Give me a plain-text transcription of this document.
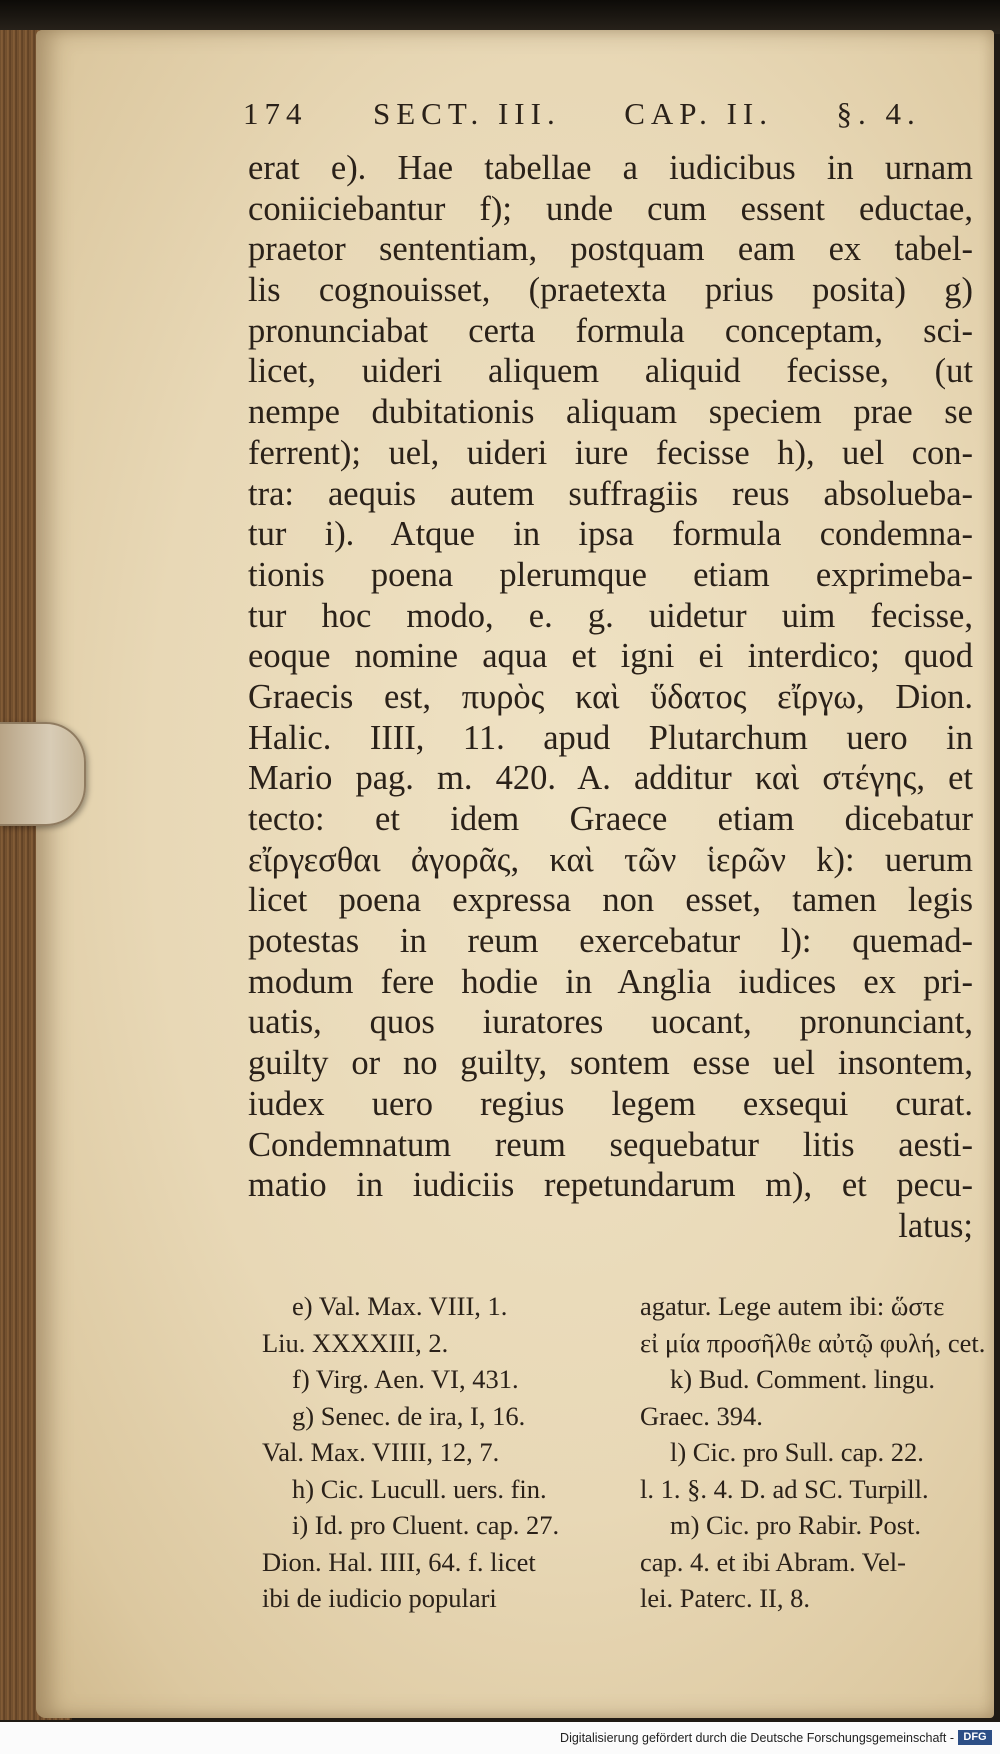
174 SECT. III. CAP. II. §. 4.
erat e). Hae tabellae a iudicibus in urnam
coniiciebantur f); unde cum essent eductae,
praetor sententiam, postquam eam ex tabel-
lis cognouisset, (praetexta prius posita) g)
pronunciabat certa formula conceptam, sci-
licet, uideri aliquem aliquid fecisse, (ut
nempe dubitationis aliquam speciem prae se
ferrent); uel, uideri iure fecisse h), uel con-
tra: aequis autem suffragiis reus absolueba-
tur i). Atque in ipsa formula condemna-
tionis poena plerumque etiam exprimeba-
tur hoc modo, e. g. uidetur uim fecisse,
eoque nomine aqua et igni ei interdico; quod
Graecis est, πυρὸς καὶ ὕδατος εἴργω, Dion.
Halic. IIII, 11. apud Plutarchum uero in
Mario pag. m. 420. A. additur καὶ στέγης, et
tecto: et idem Graece etiam dicebatur
εἴργεσθαι ἀγορᾶς, καὶ τῶν ἱερῶν k): uerum
licet poena expressa non esset, tamen legis
potestas in reum exercebatur l): quemad-
modum fere hodie in Anglia iudices ex pri-
uatis, quos iuratores uocant, pronunciant,
guilty or no guilty, sontem esse uel insontem,
iudex uero regius legem exsequi curat.
Condemnatum reum sequebatur litis aesti-
matio in iudiciis repetundarum m), et pecu-
latus;
e) Val. Max. VIII, 1.
Liu. XXXXIII, 2.
f) Virg. Aen. VI, 431.
g) Senec. de ira, I, 16.
Val. Max. VIIII, 12, 7.
h) Cic. Lucull. uers. fin.
i) Id. pro Cluent. cap. 27.
Dion. Hal. IIII, 64. f. licet
ibi de iudicio populari
agatur. Lege autem ibi: ὥστε
εἰ μία προσῆλθε αὐτῷ φυλή, cet.
k) Bud. Comment. lingu.
Graec. 394.
l) Cic. pro Sull. cap. 22.
l. 1. §. 4. D. ad SC. Turpill.
m) Cic. pro Rabir. Post.
cap. 4. et ibi Abram. Vel-
lei. Paterc. II, 8.
Digitalisierung gefördert durch die Deutsche Forschungsgemeinschaft - DFG
